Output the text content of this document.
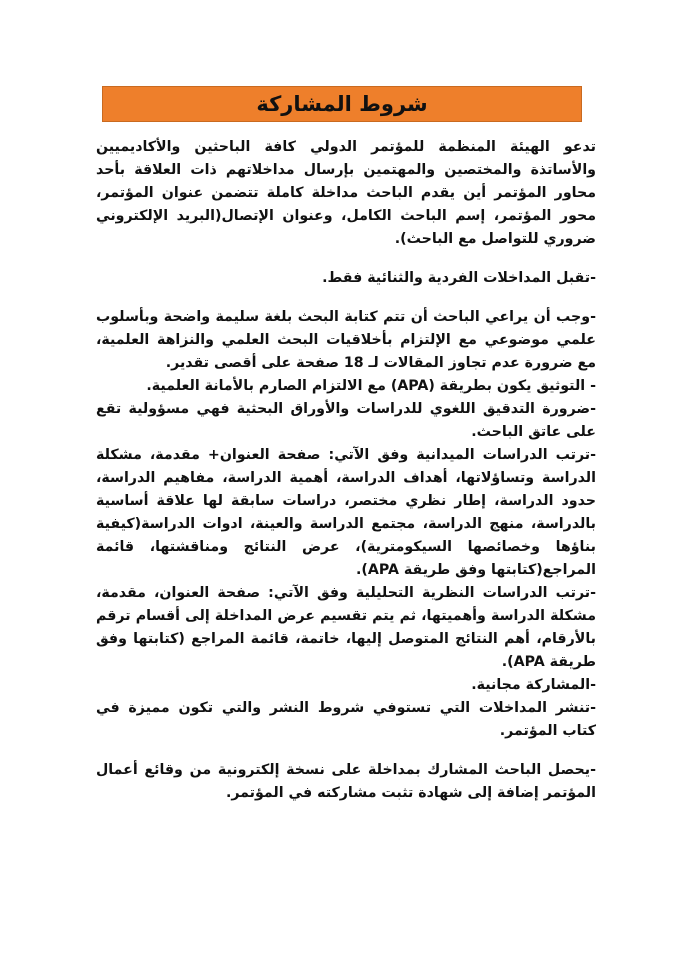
شروط المشاركة

تدعو الهيئة المنظمة للمؤتمر الدولي كافة الباحثين والأكاديميين والأساتذة والمختصين والمهتمين بإرسال مداخلاتهم ذات العلاقة بأحد محاور المؤتمر أين يقدم الباحث مداخلة كاملة تتضمن عنوان المؤتمر، محور المؤتمر، إسم الباحث الكامل، وعنوان الإتصال(البريد الإلكتروني ضروري للتواصل مع الباحث).

-تقبل المداخلات الفردية والثنائية فقط.

-وجب أن يراعي الباحث أن تتم كتابة البحث بلغة سليمة واضحة وبأسلوب علمي موضوعي مع الإلتزام بأخلاقيات البحث العلمي والنزاهة العلمية، مع ضرورة عدم تجاوز المقالات لـ 18 صفحة على أقصى تقدير.

- التوثيق يكون بطريقة (APA) مع الالتزام الصارم بالأمانة العلمية.

-ضرورة التدقيق اللغوي للدراسات والأوراق البحثية فهي مسؤولية تقع على عاتق الباحث.

-ترتب الدراسات الميدانية وفق الآتي: صفحة العنوان+ مقدمة، مشكلة الدراسة وتساؤلاتها، أهداف الدراسة، أهمية الدراسة، مفاهيم الدراسة، حدود الدراسة، إطار نظري مختصر، دراسات سابقة لها علاقة أساسية بالدراسة، منهج الدراسة، مجتمع الدراسة والعينة، ادوات الدراسة(كيفية بناؤها وخصائصها السيكومترية)، عرض النتائج ومناقشتها، قائمة المراجع(كتابتها وفق طريقة APA).

-ترتب الدراسات النظرية التحليلية وفق الآتي: صفحة العنوان، مقدمة، مشكلة الدراسة وأهميتها، ثم يتم تقسيم عرض المداخلة إلى أقسام ترقم بالأرقام، أهم النتائج المتوصل إليها، خاتمة، قائمة المراجع (كتابتها وفق طريقة APA).

-المشاركة مجانية.

-تنشر المداخلات التي تستوفي شروط النشر والتي تكون مميزة في كتاب المؤتمر.

-يحصل الباحث المشارك بمداخلة على نسخة إلكترونية من وقائع أعمال المؤتمر إضافة إلى شهادة تثبت مشاركته في المؤتمر.
